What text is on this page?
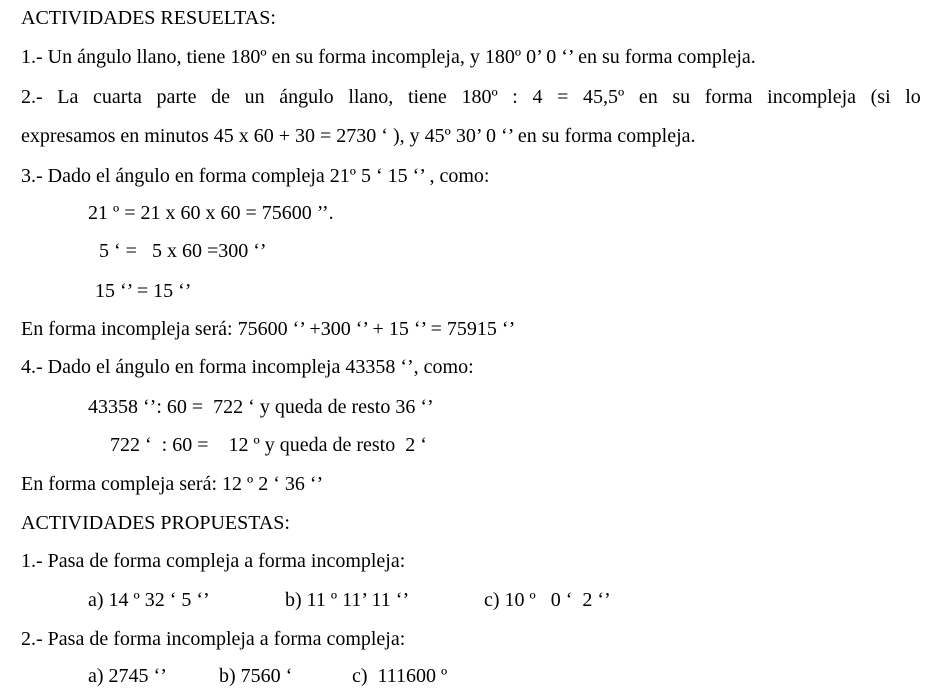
ACTIVIDADES RESUELTAS:
1.- Un ángulo llano, tiene 180º en su forma incompleja, y 180º 0’ 0 ‘’ en su forma compleja.
2.- La cuarta parte de un ángulo llano, tiene 180º : 4 = 45,5º en su forma incompleja (si lo
expresamos en minutos 45 x 60 + 30 = 2730 ‘ ), y 45º 30’ 0 ‘’ en su forma compleja.
3.- Dado el ángulo en forma compleja 21º 5 ‘ 15 ‘’ , como:
21 º = 21 x 60 x 60 = 75600 ’’.
5 ‘ =   5 x 60 =300 ‘’
15 ‘’ = 15 ‘’
En forma incompleja será: 75600 ‘’ +300 ‘’ + 15 ‘’ = 75915 ‘’
4.- Dado el ángulo en forma incompleja 43358 ‘’, como:
43358 ‘’: 60 =  722 ‘ y queda de resto 36 ‘’
722 ‘  : 60 =    12 º y queda de resto  2 ‘
En forma compleja será: 12 º 2 ‘ 36 ‘’
ACTIVIDADES PROPUESTAS:
1.- Pasa de forma compleja a forma incompleja:
a) 14 º 32 ‘ 5 ‘’	b) 11 º 11’ 11 ‘’	c) 10 º   0 ‘  2 ‘’
2.- Pasa de forma incompleja a forma compleja:
a) 2745 ‘’	b) 7560 ‘	c)  111600 º
